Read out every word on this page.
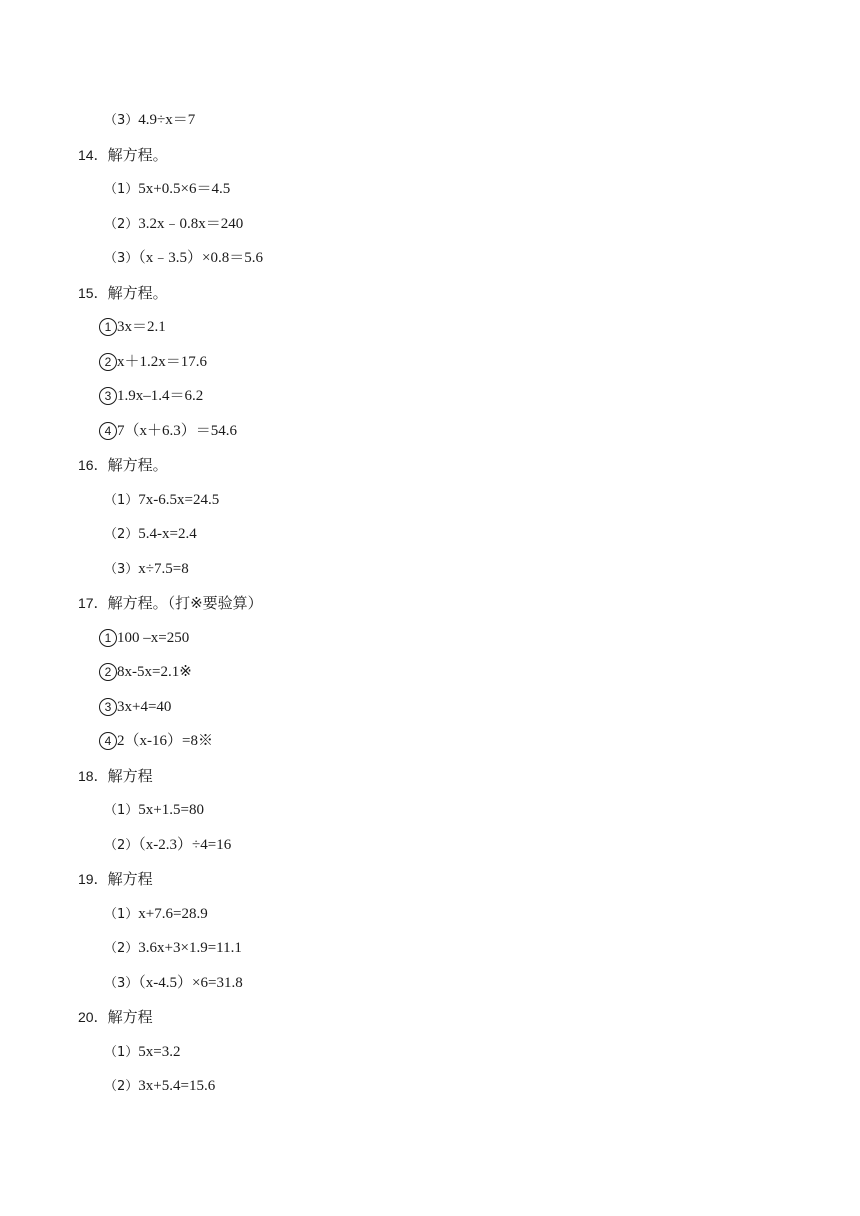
（3）4.9÷x＝7
14．解方程。
（1）5x+0.5×6＝4.5
（2）3.2x﹣0.8x＝240
（3）（x﹣3.5）×0.8＝5.6
15．解方程。
1 3x＝2.1
2 x＋1.2x＝17.6
3 1.9x–1.4＝6.2
4 7（x＋6.3）＝54.6
16．解方程。
（1）7x-6.5x=24.5
（2）5.4-x=2.4
（3）x÷7.5=8
17．解方程。（打※要验算）
1 100 –x=250
2 8x-5x=2.1※
3 3x+4=40
4 2（x-16）=8※
18．解方程
（1）5x+1.5=80
（2）（x-2.3）÷4=16
19．解方程
（1）x+7.6=28.9
（2）3.6x+3×1.9=11.1
（3）（x-4.5）×6=31.8
20．解方程
（1）5x=3.2
（2）3x+5.4=15.6
